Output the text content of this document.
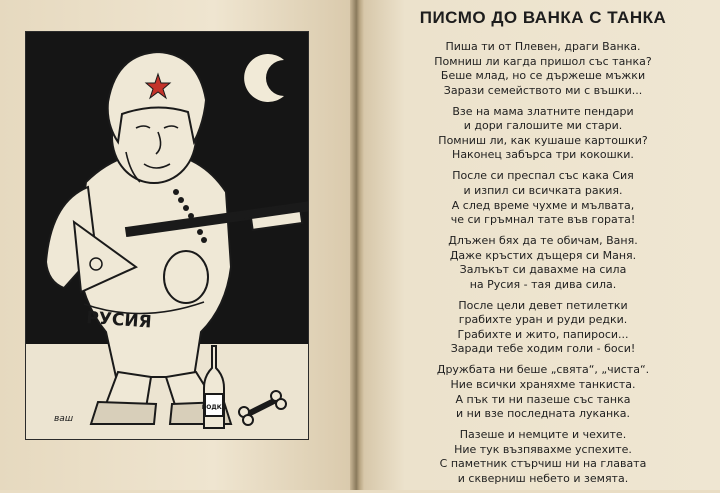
РУСИЯ
ВОДКА
ваш
ПИСМО ДО ВАНКА С ТАНКА
Пиша ти от Плевен, драги Ванка.
Помниш ли кагда пришол със танка?
Беше млад, но се държеше мъжки
Зарази семейството ми с въшки...
Взе на мама златните пендари
и дори галошите ми стари.
Помниш ли, как кушаше картошки?
Наконец забърса три кокошки.
После си преспал със кака Сия
и изпил си всичката ракия.
А след време чухме и мълвата,
че си гръмнал тате във гората!
Длъжен бях да те обичам, Ваня.
Даже кръстих дъщеря си Маня.
Залъкът си давахме на сила
на Русия - тая дива сила.
После цели девет петилетки
грабихте уран и руди редки.
Грабихте и жито, папироси...
Заради тебе ходим голи - боси!
Дружбата ни беше „свята“, „чиста“.
Ние всички храняхме танкиста.
А пък ти ни пазеше със танка
и ни взе последната луканка.
Пазеше и немците и чехите.
Ние тук възпявахме успехите.
С паметник стърчиш ни на главата
и скверниш небето и земята.
